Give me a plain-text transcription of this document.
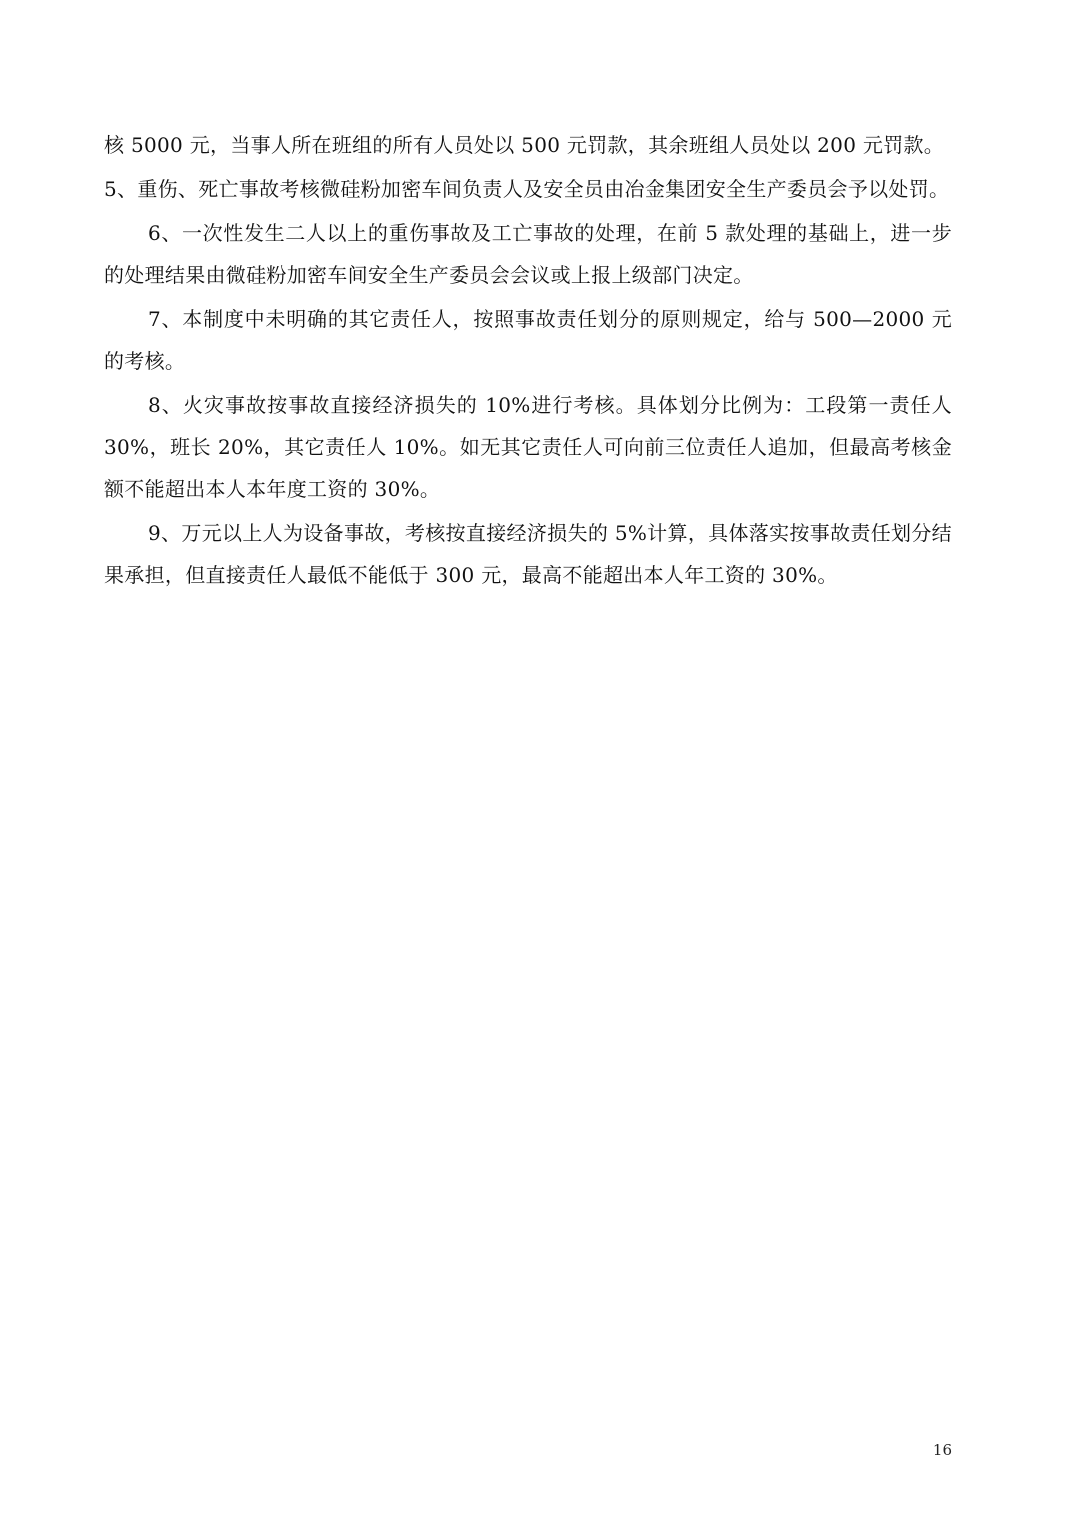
核 5000 元，当事人所在班组的所有人员处以 500 元罚款，其余班组人员处以 200 元罚款。

5、重伤、死亡事故考核微硅粉加密车间负责人及安全员由冶金集团安全生产委员会予以处罚。

6、一次性发生二人以上的重伤事故及工亡事故的处理，在前 5 款处理的基础上，进一步的处理结果由微硅粉加密车间安全生产委员会会议或上报上级部门决定。

7、本制度中未明确的其它责任人，按照事故责任划分的原则规定，给与 500—2000 元的考核。

8、火灾事故按事故直接经济损失的 10%进行考核。具体划分比例为：工段第一责任人 30%，班长 20%，其它责任人 10%。如无其它责任人可向前三位责任人追加，但最高考核金额不能超出本人本年度工资的 30%。

9、万元以上人为设备事故，考核按直接经济损失的 5%计算，具体落实按事故责任划分结果承担，但直接责任人最低不能低于 300 元，最高不能超出本人年工资的 30%。

16
